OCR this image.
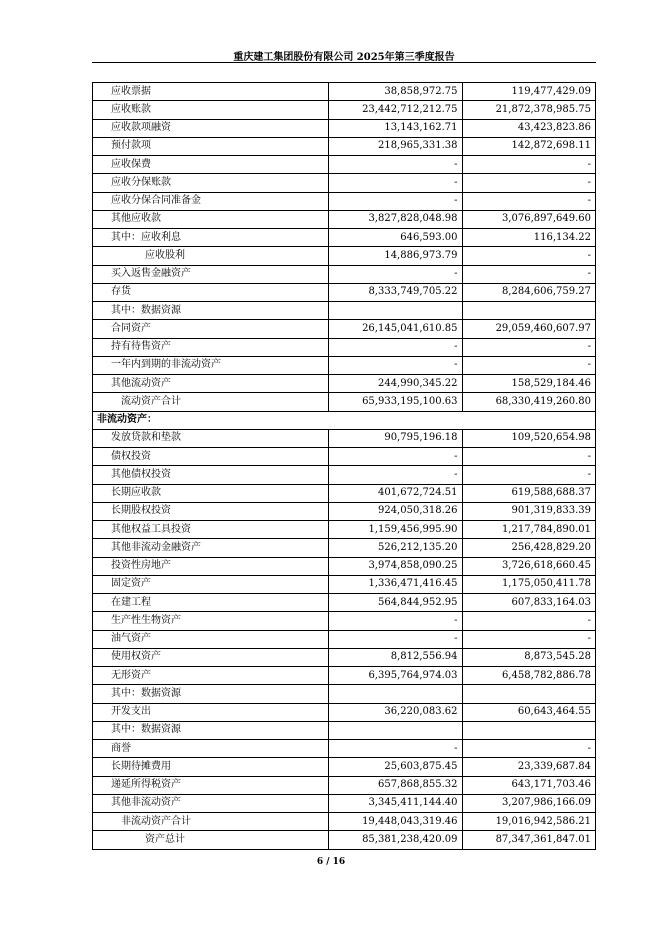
重庆建工集团股份有限公司 2025年第三季度报告
应收票据	38,858,972.75	119,477,429.09
应收账款	23,442,712,212.75	21,872,378,985.75
应收款项融资	13,143,162.71	43,423,823.86
预付款项	218,965,331.38	142,872,698.11
应收保费	-	-
应收分保账款	-	-
应收分保合同准备金	-	-
其他应收款	3,827,828,048.98	3,076,897,649.60
其中：应收利息	646,593.00	116,134.22
应收股利	14,886,973.79	-
买入返售金融资产	-	-
存货	8,333,749,705.22	8,284,606,759.27
其中：数据资源		
合同资产	26,145,041,610.85	29,059,460,607.97
持有待售资产	-	-
一年内到期的非流动资产	-	-
其他流动资产	244,990,345.22	158,529,184.46
流动资产合计	65,933,195,100.63	68,330,419,260.80
非流动资产：		
发放贷款和垫款	90,795,196.18	109,520,654.98
债权投资	-	-
其他债权投资	-	-
长期应收款	401,672,724.51	619,588,688.37
长期股权投资	924,050,318.26	901,319,833.39
其他权益工具投资	1,159,456,995.90	1,217,784,890.01
其他非流动金融资产	526,212,135.20	256,428,829.20
投资性房地产	3,974,858,090.25	3,726,618,660.45
固定资产	1,336,471,416.45	1,175,050,411.78
在建工程	564,844,952.95	607,833,164.03
生产性生物资产	-	-
油气资产	-	-
使用权资产	8,812,556.94	8,873,545.28
无形资产	6,395,764,974.03	6,458,782,886.78
其中：数据资源		
开发支出	36,220,083.62	60,643,464.55
其中：数据资源		
商誉	-	-
长期待摊费用	25,603,875.45	23,339,687.84
递延所得税资产	657,868,855.32	643,171,703.46
其他非流动资产	3,345,411,144.40	3,207,986,166.09
非流动资产合计	19,448,043,319.46	19,016,942,586.21
资产总计	85,381,238,420.09	87,347,361,847.01
6 / 16
